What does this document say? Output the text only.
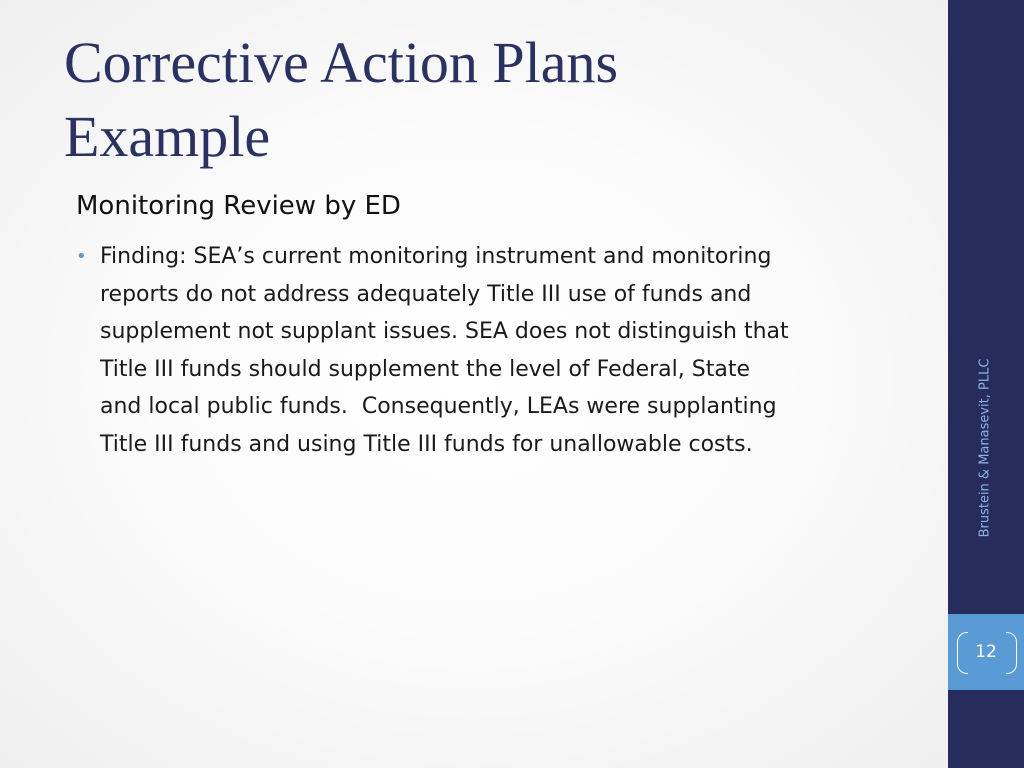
Corrective Action Plans
Example
Monitoring Review by ED
• Finding: SEA’s current monitoring instrument and monitoring
reports do not address adequately Title III use of funds and
supplement not supplant issues. SEA does not distinguish that
Title III funds should supplement the level of Federal, State
and local public funds.  Consequently, LEAs were supplanting
Title III funds and using Title III funds for unallowable costs.	Brustein & Manasevit, PLLC
12
